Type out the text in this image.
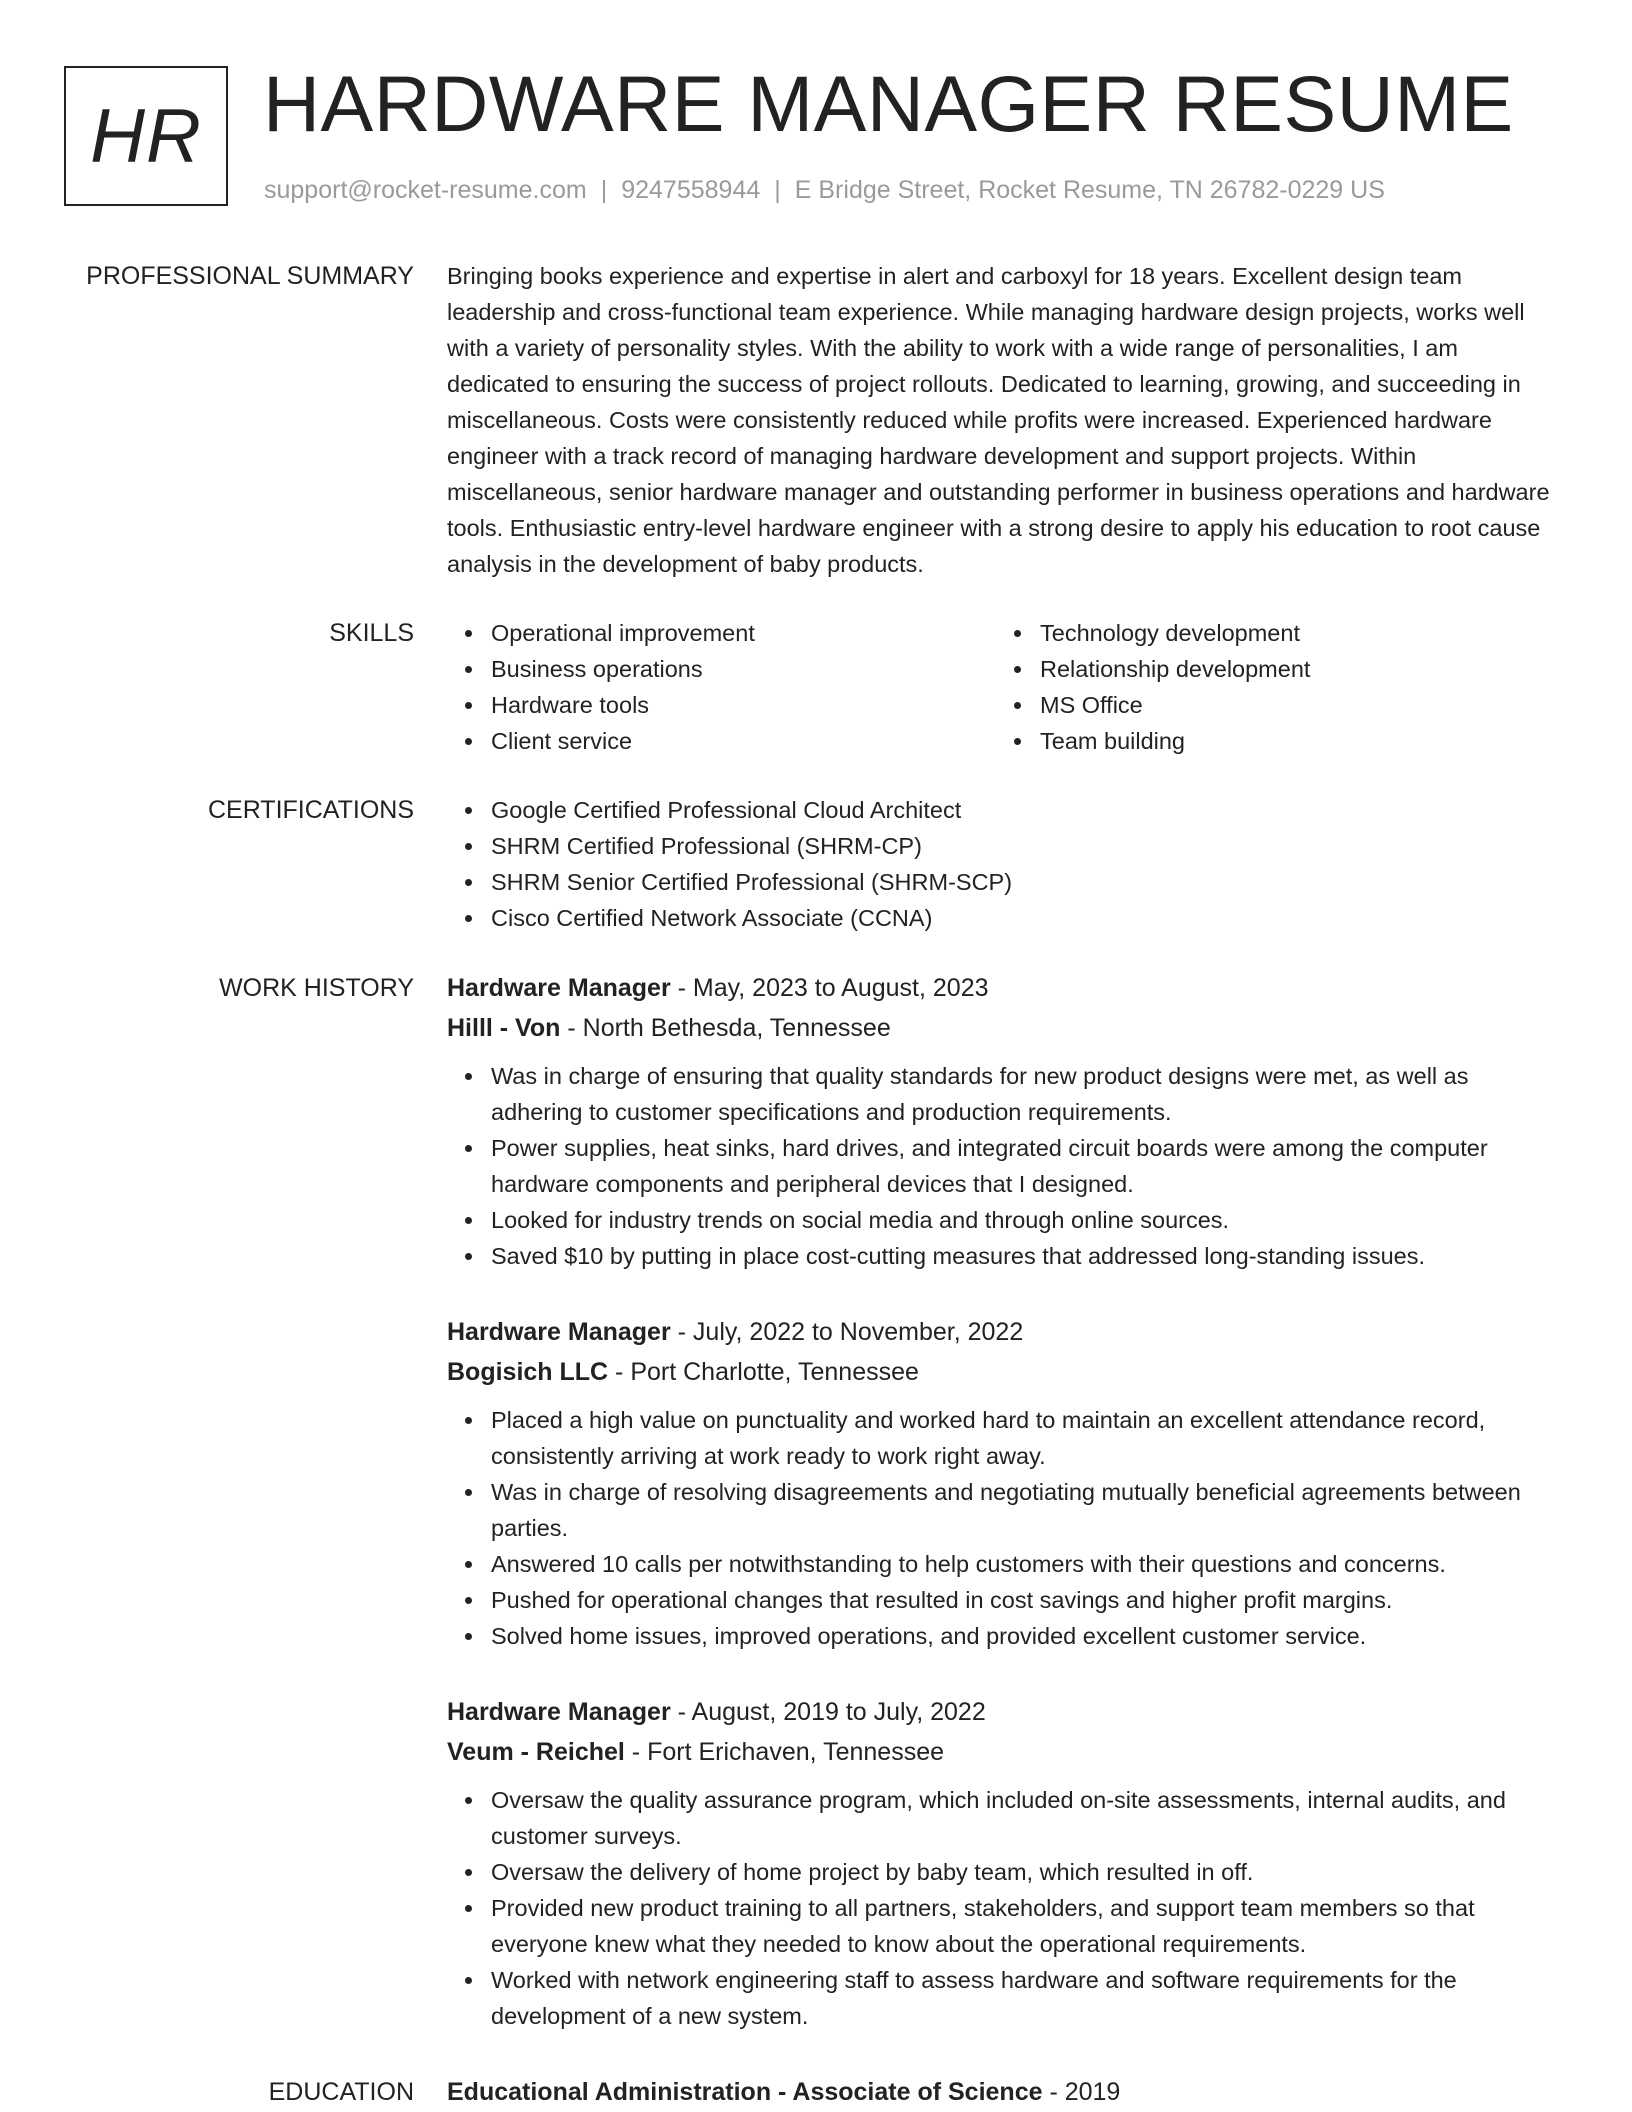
HR HARDWARE MANAGER RESUME
support@rocket-resume.com | 9247558944 | E Bridge Street, Rocket Resume, TN 26782-0229 US
PROFESSIONAL SUMMARY Bringing books experience and expertise in alert and carboxyl for 18 years. Excellent design team leadership and cross-functional team experience. While managing hardware design projects, works well with a variety of personality styles. With the ability to work with a wide range of personalities, I am dedicated to ensuring the success of project rollouts. Dedicated to learning, growing, and succeeding in miscellaneous. Costs were consistently reduced while profits were increased. Experienced hardware engineer with a track record of managing hardware development and support projects. Within miscellaneous, senior hardware manager and outstanding performer in business operations and hardware tools. Enthusiastic entry-level hardware engineer with a strong desire to apply his education to root cause analysis in the development of baby products.

SKILLS	Operational improvement
Business operations
Hardware tools
Client service
Technology development
Relationship development
MS Office
Team building
CERTIFICATIONS	Google Certified Professional Cloud Architect
SHRM Certified Professional (SHRM-CP)
SHRM Senior Certified Professional (SHRM-SCP)
Cisco Certified Network Associate (CCNA)
WORK HISTORY Hardware Manager - May, 2023 to August, 2023
Hilll - Von - North Bethesda, Tennessee
Was in charge of ensuring that quality standards for new product designs were met, as well as adhering to customer specifications and production requirements.
Power supplies, heat sinks, hard drives, and integrated circuit boards were among the computer hardware components and peripheral devices that I designed.
Looked for industry trends on social media and through online sources.
Saved $10 by putting in place cost-cutting measures that addressed long-standing issues.
Hardware Manager - July, 2022 to November, 2022
Bogisich LLC - Port Charlotte, Tennessee
Placed a high value on punctuality and worked hard to maintain an excellent attendance record, consistently arriving at work ready to work right away.
Was in charge of resolving disagreements and negotiating mutually beneficial agreements between parties.
Answered 10 calls per notwithstanding to help customers with their questions and concerns.
Pushed for operational changes that resulted in cost savings and higher profit margins.
Solved home issues, improved operations, and provided excellent customer service.
Hardware Manager - August, 2019 to July, 2022
Veum - Reichel - Fort Erichaven, Tennessee
Oversaw the quality assurance program, which included on-site assessments, internal audits, and customer surveys.
Oversaw the delivery of home project by baby team, which resulted in off.
Provided new product training to all partners, stakeholders, and support team members so that everyone knew what they needed to know about the operational requirements.
Worked with network engineering staff to assess hardware and software requirements for the development of a new system.
EDUCATION Educational Administration - Associate of Science - 2019
